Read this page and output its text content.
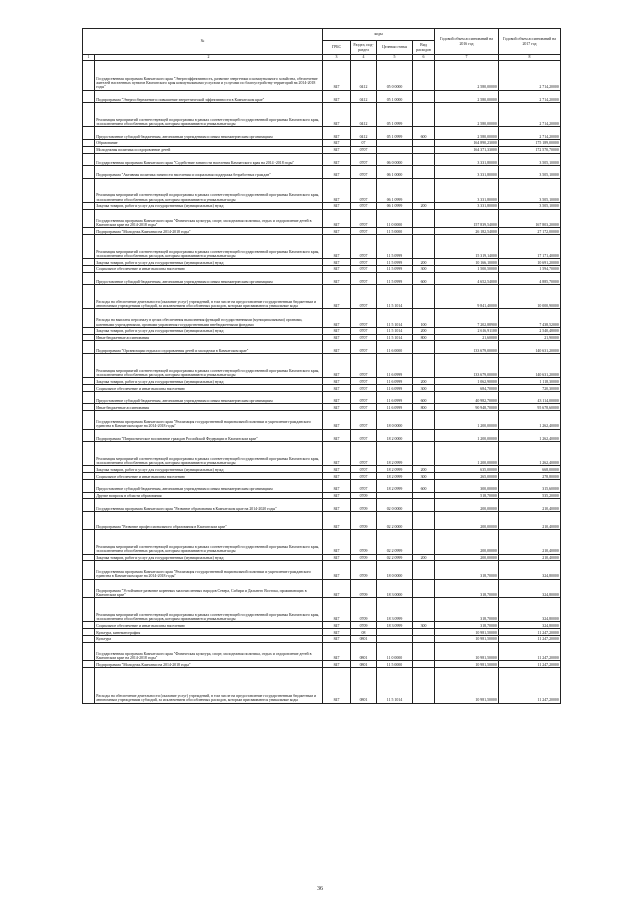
№		коды				Годовой объем ассигнований на 2016 год	Годовой объем ассигнований на 2017 год
		ГРБС	Раздел, под-раздел	Целевая статья	Вид расходов		
1	2	3	4	5	6	7	8
	Государственная программа Камчатского края "Энергоэффективность, развитие энергетики и коммунального хозяйства, обеспечение жителей населенных пунктов Камчатского края коммунальными услугами и услугами по благоустройству территорий на 2014-2018 годы"	847	0412	05 0 0000		2 580,00000	2 714,20000
	Подпрограмма "Энергосбережение и повышение энергетической эффективности в Камчатском крае"	847	0412	05 1 0000		2 580,00000	2 714,20000
	Реализация мероприятий соответствующей подпрограммы в рамках соответствующей государственной программы Камчатского края, за исключением обособленных расходов, которым присваиваются уникальные коды	847	0412	05 1 0999		2 580,00000	2 714,20000
	Предоставление субсидий бюджетным, автономным учреждениям и иным некоммерческим организациям	847	0412	05 1 0999	600	2 580,00000	2 714,20000
	Образование	847	07			164 890,23000	175 189,00000
	Молодежная политика и оздоровление детей	847	0707			164 371,33000	172 570,70000
	Государственная программа Камчатского края "Содействие занятости населения Камчатского края на 2014 -2018 годы"	847	0707	06 0 0000		3 331,80000	3 505,10000
	Подпрограмма "Активная политика занятости населения и социальная поддержка безработных граждан"	847	0707	06 1 0000		3 331,80000	3 505,10000
	Реализация мероприятий соответствующей подпрограммы в рамках соответствующей государственной программы Камчатского края, за исключением обособленных расходов, которым присваиваются уникальные коды	847	0707	06 1 0999		3 331,80000	3 505,10000
	Закупка товаров, работ и услуг для государственных (муниципальных) нужд	847	0707	06 1 0999	200	3 331,80000	3 505,10000
	Государственная программа Камчатского края "Физическая культура, спорт, молодежная политика, отдых и оздоровление детей в Камчатском крае на 2014-2018 годы"	847	0707	11 0 0000		157 839,54000	167 803,20000
	Подпрограмма "Молодежь Камчатки на 2014-2018 годы"	847	0707	11 5 0000		26 182,54000	27 172,00000
	Реализация мероприятий соответствующей подпрограммы в рамках соответствующей государственной программы Камчатского края, за исключением обособленных расходов, которым присваиваются уникальные коды	847	0707	11 5 0999		15 319,14000	17 171,40000
	Закупка товаров, работ и услуг для государственных (муниципальных) нужд	847	0707	11 5 0999	200	10 166,10000	10 691,20000
	Социальное обеспечение и иные выплаты населению	847	0707	11 5 0999	300	1 500,50000	1 594,70000
	Предоставление субсидий бюджетным, автономным учреждениям и иным некоммерческим организациям	847	0707	11 5 0999	600	4 652,54000	4 885,70000
	Расходы на обеспечение деятельности (оказание услуг) учреждений, в том числе на предоставление государственным бюджетным и автономным учреждениям субсидий, за исключением обособленных расходов, которым присваиваются уникальные коды	847	0707	11 5 1014		9 841,40000	10 000,90000
	Расходы на выплаты персоналу в целях обеспечения выполнения функций государственными (муниципальными) органами, казенными учреждениями, органами управления государственными внебюджетными фондами	847	0707	11 5 1014	100	7 202,88900	7 438,52000
	Закупка товаров, работ и услуг для государственных (муниципальных) нужд	847	0707	11 5 1014	200	2 616,91100	2 540,48000
	Иные бюджетные ассигнования	847	0707	11 5 1014	800	21,60000	21,90000
	Подпрограмма "Организация отдыха и оздоровления детей и молодежи в Камчатском крае"	847	0707	11 6 0000		133 679,00000	140 631,20000
	Реализация мероприятий соответствующей подпрограммы в рамках соответствующей государственной программы Камчатского края, за исключением обособленных расходов, которым присваиваются уникальные коды	847	0707	11 6 0999		133 679,00000	140 631,20000
	Закупка товаров, работ и услуг для государственных (муниципальных) нужд	847	0707	11 6 0999	200	1 062,90000	1 118,30000
	Социальное обеспечение и иные выплаты населению	847	0707	11 6 0999	300	684,70000	720,30000
	Предоставление субсидий бюджетным, автономным учреждениям и иным некоммерческим организациям	847	0707	11 6 0999	600	40 982,70000	43 114,00000
	Иные бюджетные ассигнования	847	0707	11 6 0999	800	90 948,70000	95 678,60000
	Государственная программа Камчатского края "Реализация государственной национальной политики и укрепление гражданского единства в Камчатском крае на 2014-2018 годы"	847	0707	18 0 0000		1 200,00000	1 262,40000
	Подпрограмма "Патриотическое воспитание граждан Российской Федерации в Камчатском крае"	847	0707	18 2 0000		1 200,00000	1 262,40000
	Реализация мероприятий соответствующей подпрограммы в рамках соответствующей государственной программы Камчатского края, за исключением обособленных расходов, которым присваиваются уникальные коды	847	0707	18 2 0999		1 200,00000	1 262,40000
	Закупка товаров, работ и услуг для государственных (муниципальных) нужд	847	0707	18 2 0999	200	635,00000	668,00000
	Социальное обеспечение и иные выплаты населению	847	0707	18 2 0999	300	265,00000	278,80000
	Предоставление субсидий бюджетным, автономным учреждениям и иным некоммерческим организациям	847	0707	18 2 0999	600	300,00000	315,60000
	Другие вопросы в области образования	847	0709			518,70000	535,20000
	Государственная программа Камчатского края "Развитие образования в Камчатском крае на 2014-2020 годы"	847	0709	02 0 0000		200,00000	210,40000
	Подпрограмма "Развитие профессионального образования в Камчатском крае"	847	0709	02 2 0000		200,00000	210,40000
	Реализация мероприятий соответствующей подпрограммы в рамках соответствующей государственной программы Камчатского края, за исключением обособленных расходов, которым присваиваются уникальные коды	847	0709	02 2 0999		200,00000	210,40000
	Закупка товаров, работ и услуг для государственных (муниципальных) нужд	847	0709	02 2 0999	200	200,00000	210,40000
	Государственная программа Камчатского края "Реализация государственной национальной политики и укрепление гражданского единства в Камчатском крае на 2014-2018 годы"	847	0709	18 0 0000		318,70000	324,80000
	Подпрограмма "Устойчивое развитие коренных малочисленных народов Севера, Сибири и Дальнего Востока, проживающих в Камчатском крае"	847	0709	18 3 0000		318,70000	324,80000
	Реализация мероприятий соответствующей подпрограммы в рамках соответствующей государственной программы Камчатского края, за исключением обособленных расходов, которым присваиваются уникальные коды	847	0709	18 3 0999		318,70000	324,80000
	Социальное обеспечение и иные выплаты населению	847	0709	18 3 0999	300	318,70000	324,80000
	Культура, кинематография	847	08			10 981,50000	11 247,20000
	Культура	847	0801			10 981,50000	11 247,20000
	Государственная программа Камчатского края "Физическая культура, спорт, молодежная политика, отдых и оздоровление детей в Камчатском крае на 2014-2018 годы"	847	0801	11 0 0000		10 981,50000	11 247,20000
	Подпрограмма "Молодежь Камчатки на 2014-2018 годы"	847	0801	11 5 0000		10 981,50000	11 247,20000
	Расходы на обеспечение деятельности (оказание услуг) учреждений, в том числе на предоставление государственным бюджетным и автономным учреждениям субсидий, за исключением обособленных расходов, которым присваиваются уникальные коды	847	0801	11 5 1014		10 981,50000	11 247,20000
36
